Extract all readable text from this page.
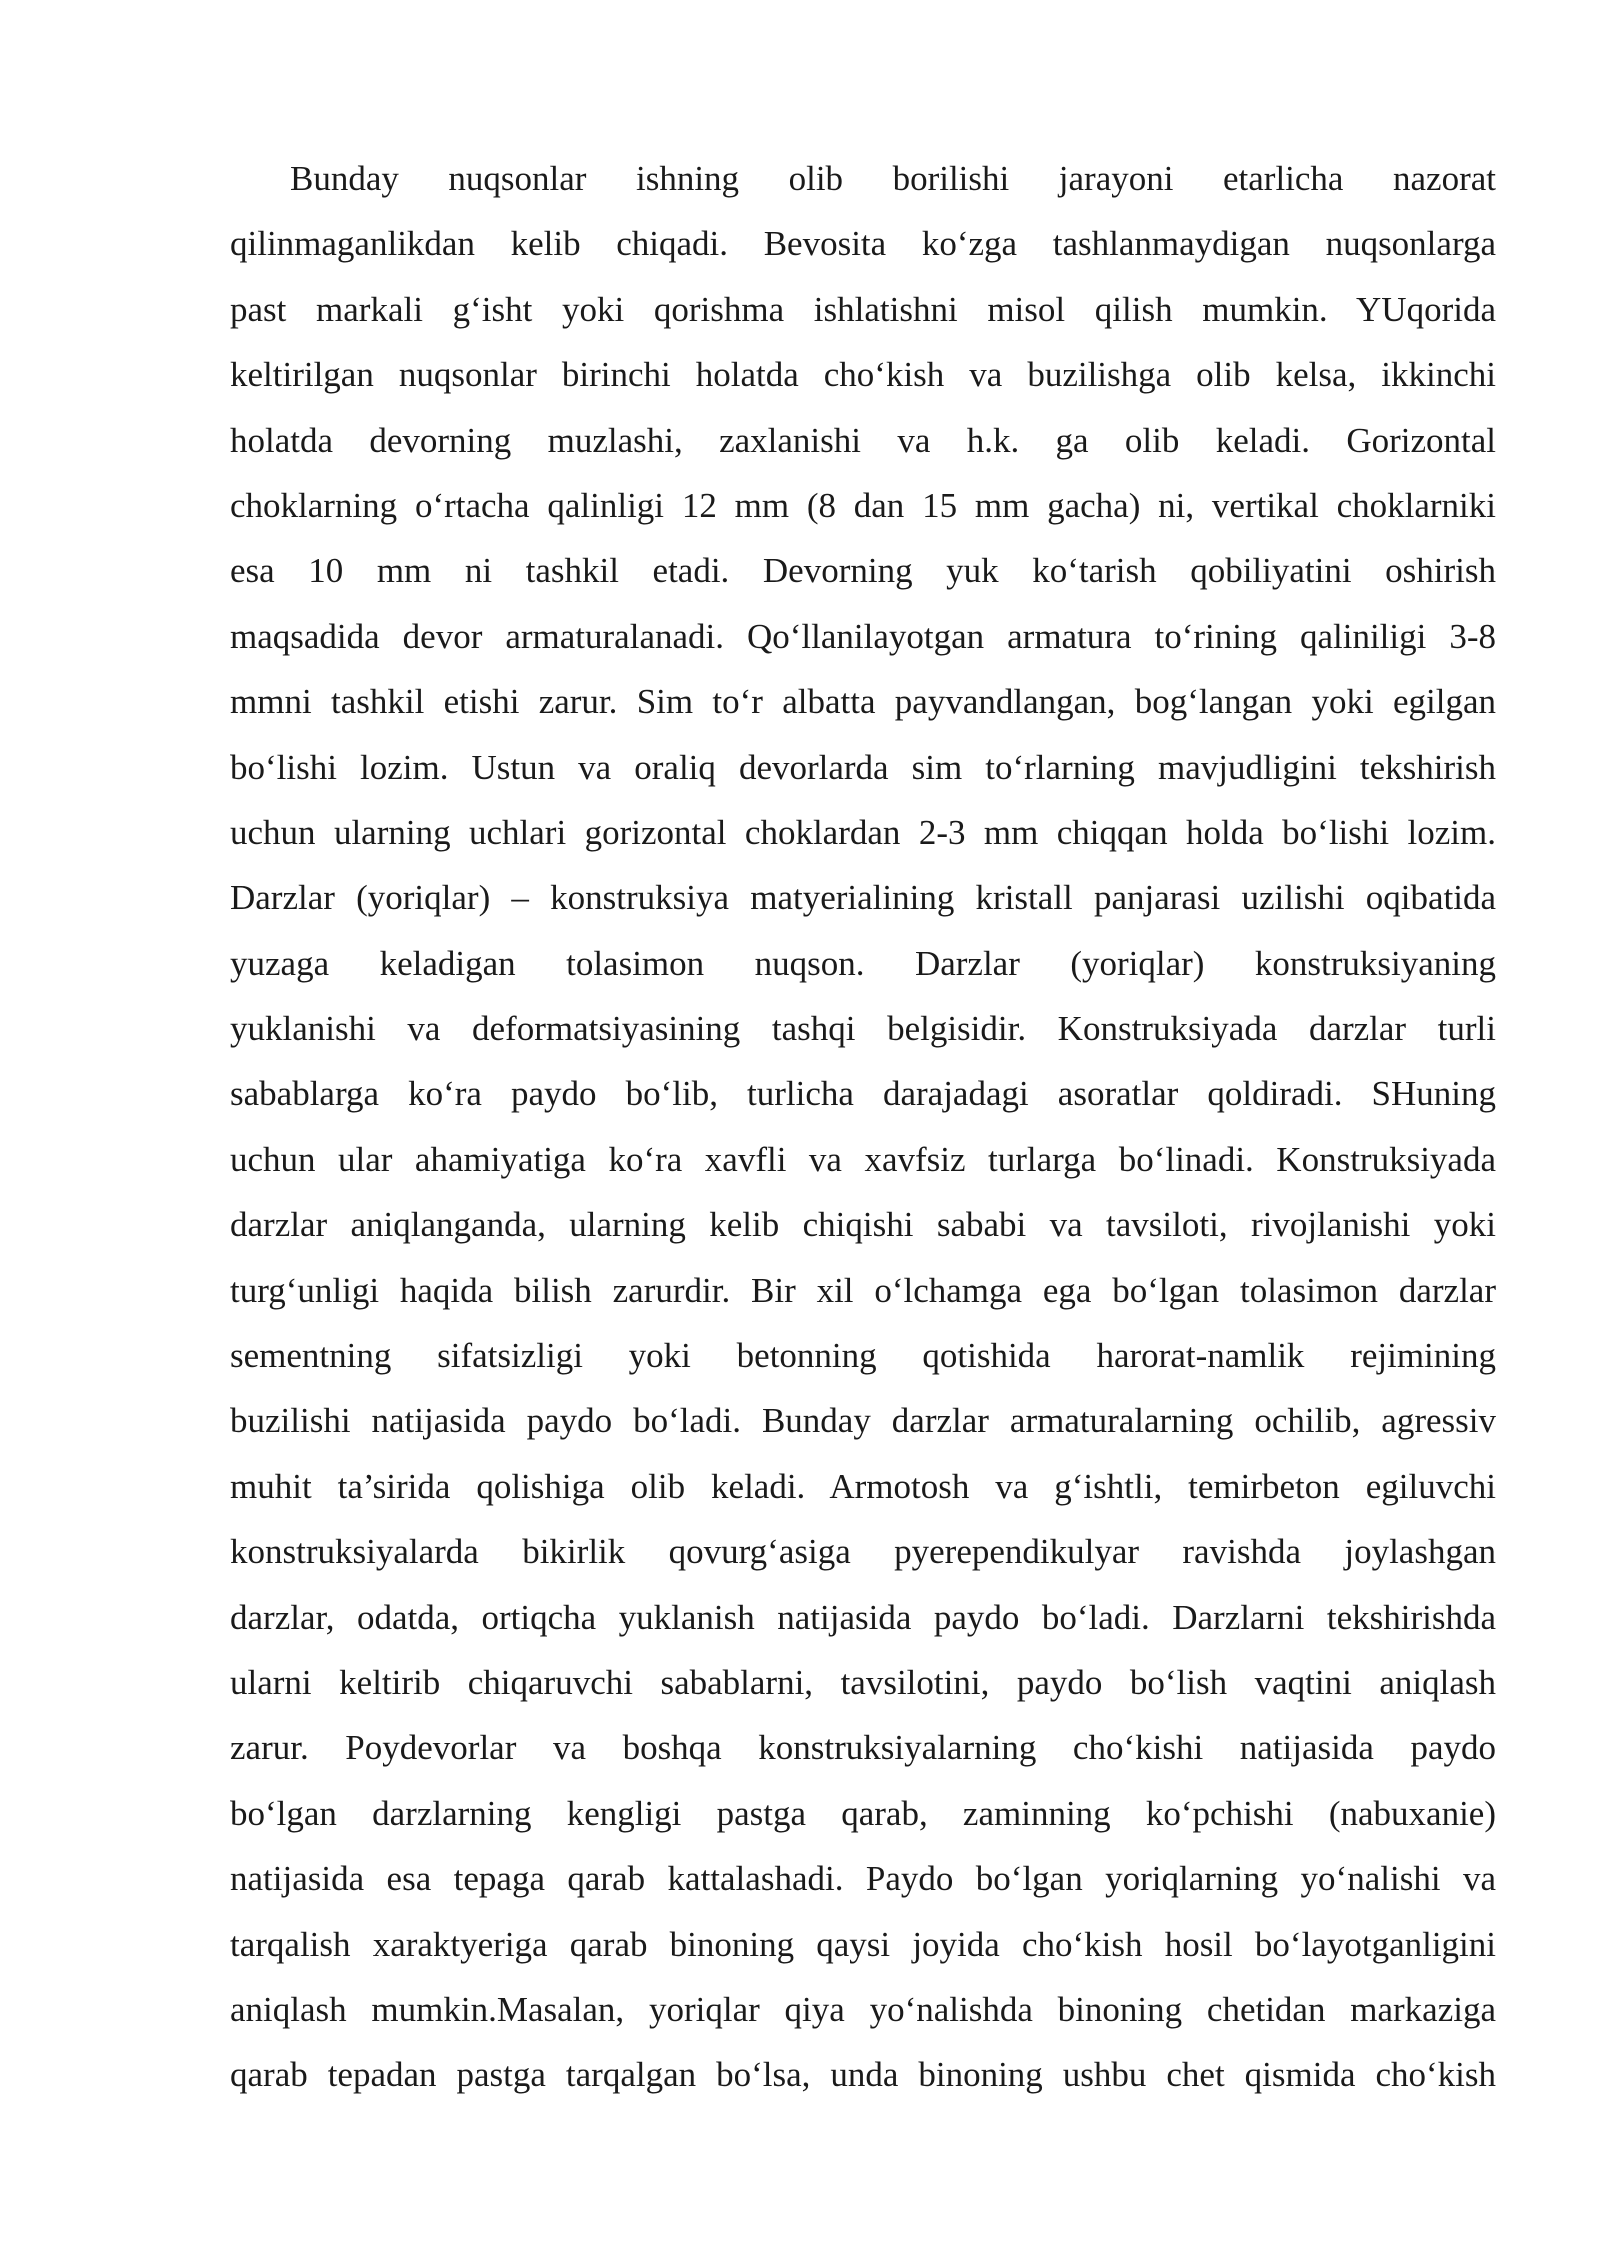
Bunday nuqsonlar ishning olib borilishi jarayoni etarlicha nazorat
qilinmaganlikdan kelib chiqadi. Bevosita ko‘zga tashlanmaydigan nuqsonlarga
past markali g‘isht yoki qorishma ishlatishni misol qilish mumkin. YUqorida
keltirilgan nuqsonlar birinchi holatda cho‘kish va buzilishga olib kelsa, ikkinchi
holatda devorning muzlashi, zaxlanishi va h.k. ga olib keladi. Gorizontal
choklarning o‘rtacha qalinligi 12 mm (8 dan 15 mm gacha) ni, vertikal choklarniki
esa 10 mm ni tashkil etadi. Devorning yuk ko‘tarish qobiliyatini oshirish
maqsadida devor armaturalanadi. Qo‘llanilayotgan armatura to‘rining qaliniligi 3-8
mmni tashkil etishi zarur. Sim to‘r albatta payvandlangan, bog‘langan yoki egilgan
bo‘lishi lozim. Ustun va oraliq devorlarda sim to‘rlarning mavjudligini tekshirish
uchun ularning uchlari gorizontal choklardan 2-3 mm chiqqan holda bo‘lishi lozim.
Darzlar (yoriqlar) – konstruksiya matyerialining kristall panjarasi uzilishi oqibatida
yuzaga keladigan tolasimon nuqson. Darzlar (yoriqlar) konstruksiyaning
yuklanishi va deformatsiyasining tashqi belgisidir. Konstruksiyada darzlar turli
sabablarga ko‘ra paydo bo‘lib, turlicha darajadagi asoratlar qoldiradi. SHuning
uchun ular ahamiyatiga ko‘ra xavfli va xavfsiz turlarga bo‘linadi. Konstruksiyada
darzlar aniqlanganda, ularning kelib chiqishi sababi va tavsiloti, rivojlanishi yoki
turg‘unligi haqida bilish zarurdir. Bir xil o‘lchamga ega bo‘lgan tolasimon darzlar
sementning sifatsizligi yoki betonning qotishida harorat-namlik rejimining
buzilishi natijasida paydo bo‘ladi. Bunday darzlar armaturalarning ochilib, agressiv
muhit ta’sirida qolishiga olib keladi. Armotosh va g‘ishtli, temirbeton egiluvchi
konstruksiyalarda bikirlik qovurg‘asiga pyerependikulyar ravishda joylashgan
darzlar, odatda, ortiqcha yuklanish natijasida paydo bo‘ladi. Darzlarni tekshirishda
ularni keltirib chiqaruvchi sabablarni, tavsilotini, paydo bo‘lish vaqtini aniqlash
zarur. Poydevorlar va boshqa konstruksiyalarning cho‘kishi natijasida paydo
bo‘lgan darzlarning kengligi pastga qarab, zaminning ko‘pchishi (nabuxanie)
natijasida esa tepaga qarab kattalashadi. Paydo bo‘lgan yoriqlarning yo‘nalishi va
tarqalish xaraktyeriga qarab binoning qaysi joyida cho‘kish hosil bo‘layotganligini
aniqlash mumkin.Masalan, yoriqlar qiya yo‘nalishda binoning chetidan markaziga
qarab tepadan pastga tarqalgan bo‘lsa, unda binoning ushbu chet qismida cho‘kish
